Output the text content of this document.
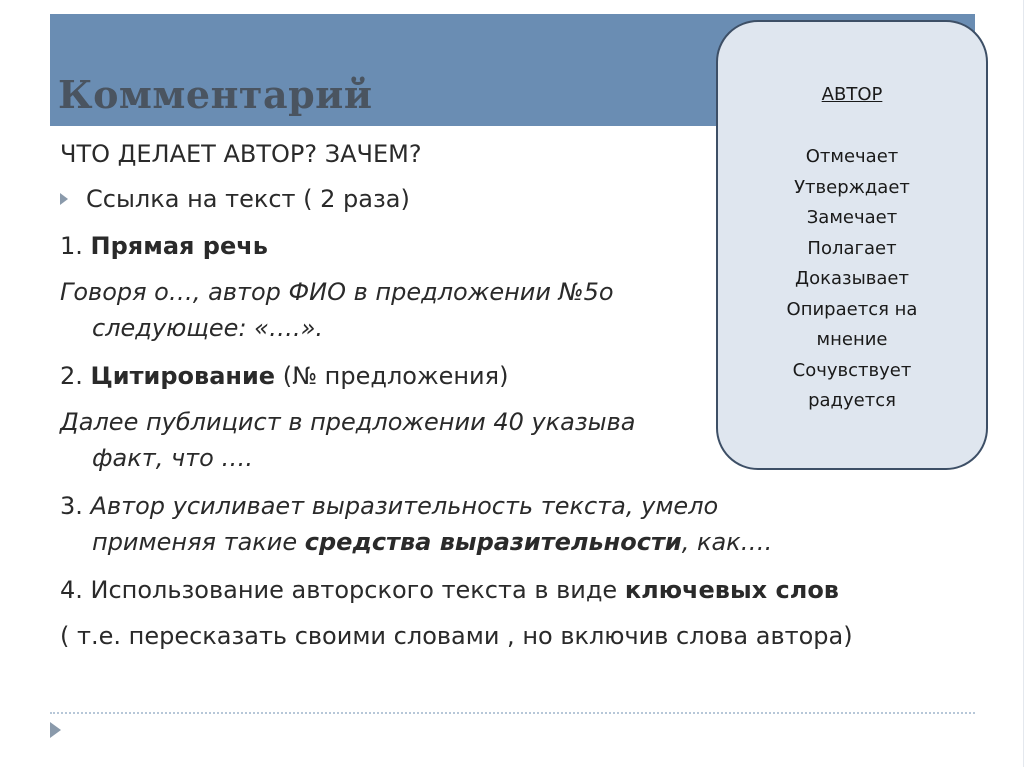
Комментарий
ЧТО ДЕЛАЕТ АВТОР? ЗАЧЕМ?
Ссылка на текст ( 2 раза)
1. Прямая речь
Говоря о…, автор ФИО в предложении №5о
следующее: «….».
2. Цитирование (№ предложения)
Далее публицист в предложении 40 указыва
факт, что ….
3. Автор усиливает выразительность текста, умело
применяя такие средства выразительности, как….
4. Использование авторского текста в виде ключевых слов
( т.е. пересказать своими словами , но включив слова автора)
АВТОР
Отмечает
Утверждает
Замечает
Полагает
Доказывает
Опирается на
мнение
Сочувствует
радуется
